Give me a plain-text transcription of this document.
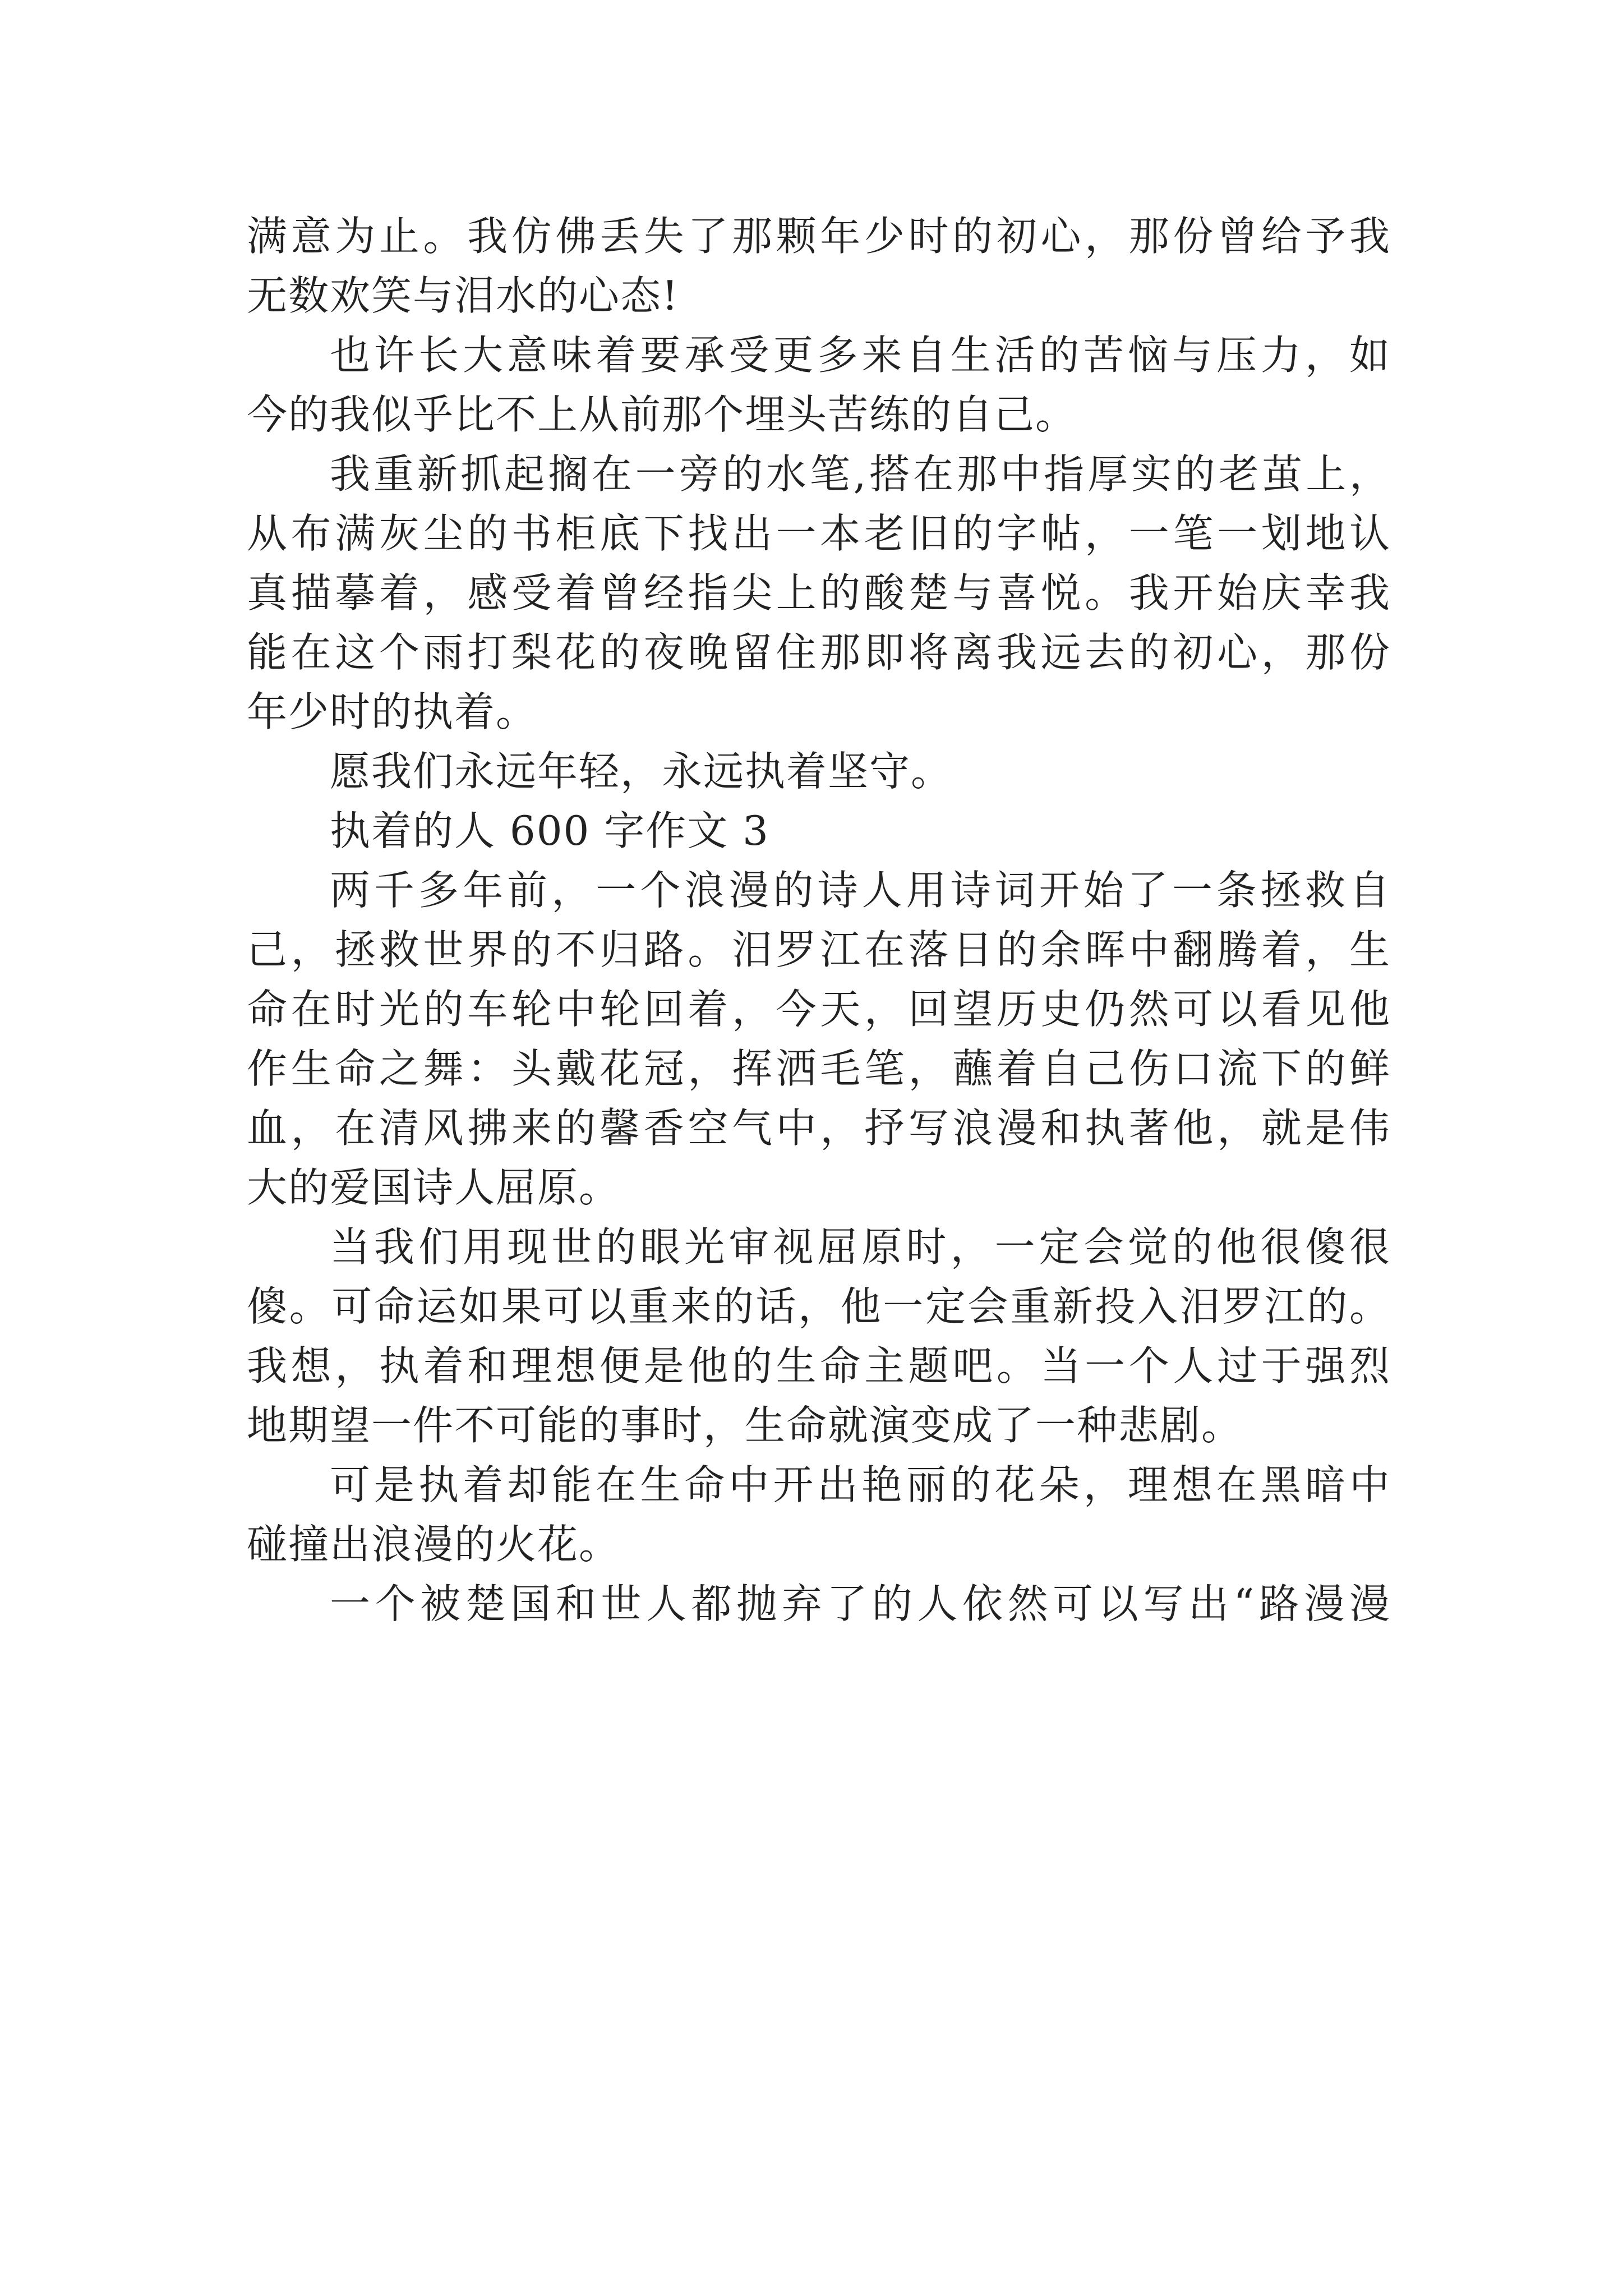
满意为止。我仿佛丢失了那颗年少时的初心，那份曾给予我
无数欢笑与泪水的心态!
也许长大意味着要承受更多来自生活的苦恼与压力，如
今的我似乎比不上从前那个埋头苦练的自己。
我重新抓起搁在一旁的水笔,搭在那中指厚实的老茧上，
从布满灰尘的书柜底下找出一本老旧的字帖，一笔一划地认
真描摹着，感受着曾经指尖上的酸楚与喜悦。我开始庆幸我
能在这个雨打梨花的夜晚留住那即将离我远去的初心，那份
年少时的执着。
愿我们永远年轻，永远执着坚守。
执着的人 600 字作文 3
两千多年前，一个浪漫的诗人用诗词开始了一条拯救自
己，拯救世界的不归路。汨罗江在落日的余晖中翻腾着，生
命在时光的车轮中轮回着，今天，回望历史仍然可以看见他
作生命之舞：头戴花冠，挥洒毛笔，蘸着自己伤口流下的鲜
血，在清风拂来的馨香空气中，抒写浪漫和执著他，就是伟
大的爱国诗人屈原。
当我们用现世的眼光审视屈原时，一定会觉的他很傻很
傻。可命运如果可以重来的话，他一定会重新投入汨罗江的。
我想，执着和理想便是他的生命主题吧。当一个人过于强烈
地期望一件不可能的事时，生命就演变成了一种悲剧。
可是执着却能在生命中开出艳丽的花朵，理想在黑暗中
碰撞出浪漫的火花。
一个被楚国和世人都抛弃了的人依然可以写出“路漫漫
